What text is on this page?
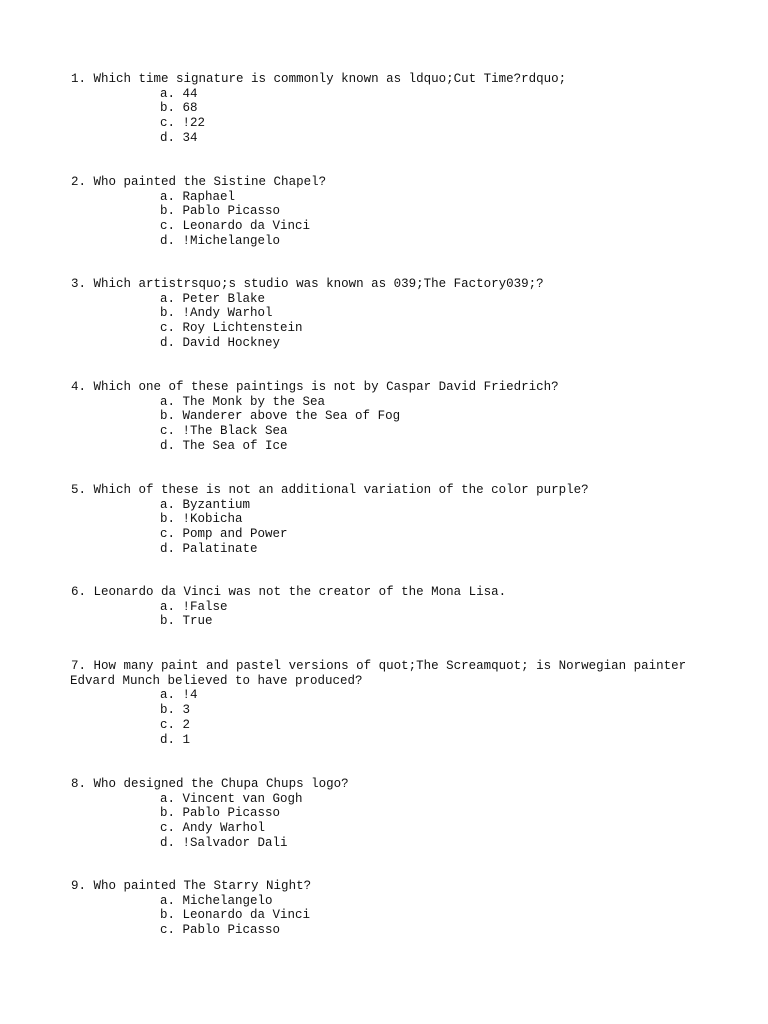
1. Which time signature is commonly known as ldquo;Cut Time?rdquo;

a. 44
b. 68
c. !22
d. 34

2. Who painted the Sistine Chapel?

a. Raphael
b. Pablo Picasso
c. Leonardo da Vinci
d. !Michelangelo

3. Which artistrsquo;s studio was known as 039;The Factory039;?

a. Peter Blake
b. !Andy Warhol
c. Roy Lichtenstein
d. David Hockney

4. Which one of these paintings is not by Caspar David Friedrich?

a. The Monk by the Sea
b. Wanderer above the Sea of Fog
c. !The Black Sea
d. The Sea of Ice

5. Which of these is not an additional variation of the color purple?

a. Byzantium
b. !Kobicha
c. Pomp and Power
d. Palatinate

6. Leonardo da Vinci was not the creator of the Mona Lisa.

a. !False
b. True

7. How many paint and pastel versions of quot;The Screamquot; is Norwegian painter

Edvard Munch believed to have produced?

a. !4
b. 3
c. 2
d. 1

8. Who designed the Chupa Chups logo?

a. Vincent van Gogh
b. Pablo Picasso
c. Andy Warhol
d. !Salvador Dali

9. Who painted The Starry Night?

a. Michelangelo
b. Leonardo da Vinci
c. Pablo Picasso
